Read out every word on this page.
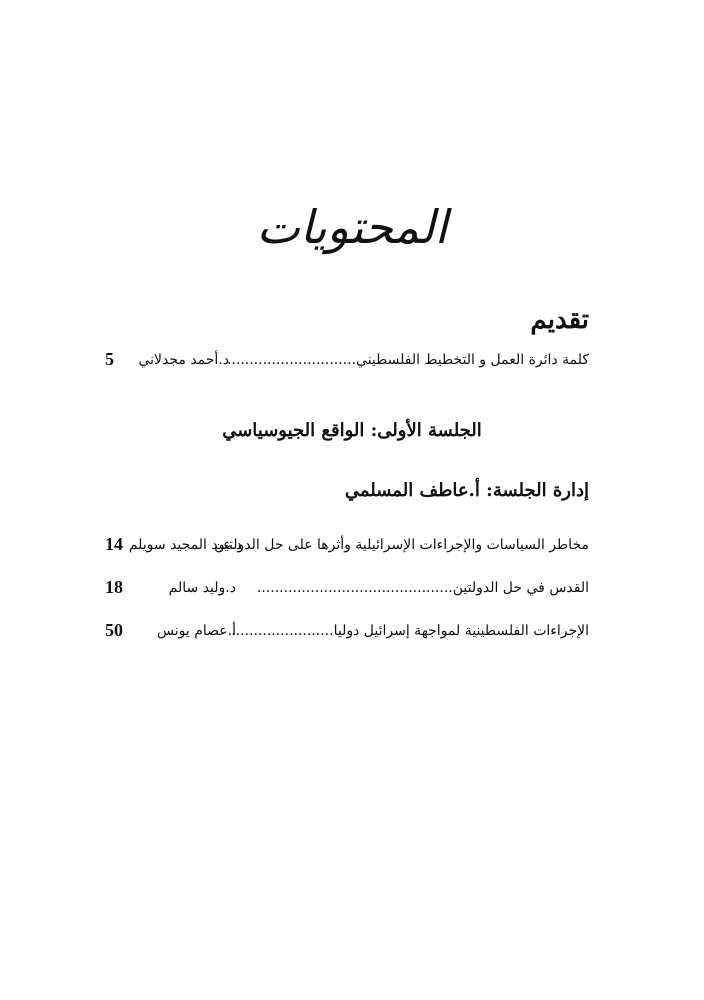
المحتويات
تقديم
كلمة دائرة العمل و التخطيط الفلسطيني.............................
د.أحمد مجدلاني
5
الجلسة الأولى: الواقع الجيوسياسي
إدارة الجلسة: أ.عاطف المسلمي
مخاطر السياسات والإجراءات الإسرائيلية وأثرها على حل الدولتين
د.عبد المجيد سويلم
14
القدس في حل الدولتين............................................
د.وليد سالم
18
الإجراءات الفلسطينية لمواجهة إسرائيل دوليا.......................
أ.عصام يونس
50
